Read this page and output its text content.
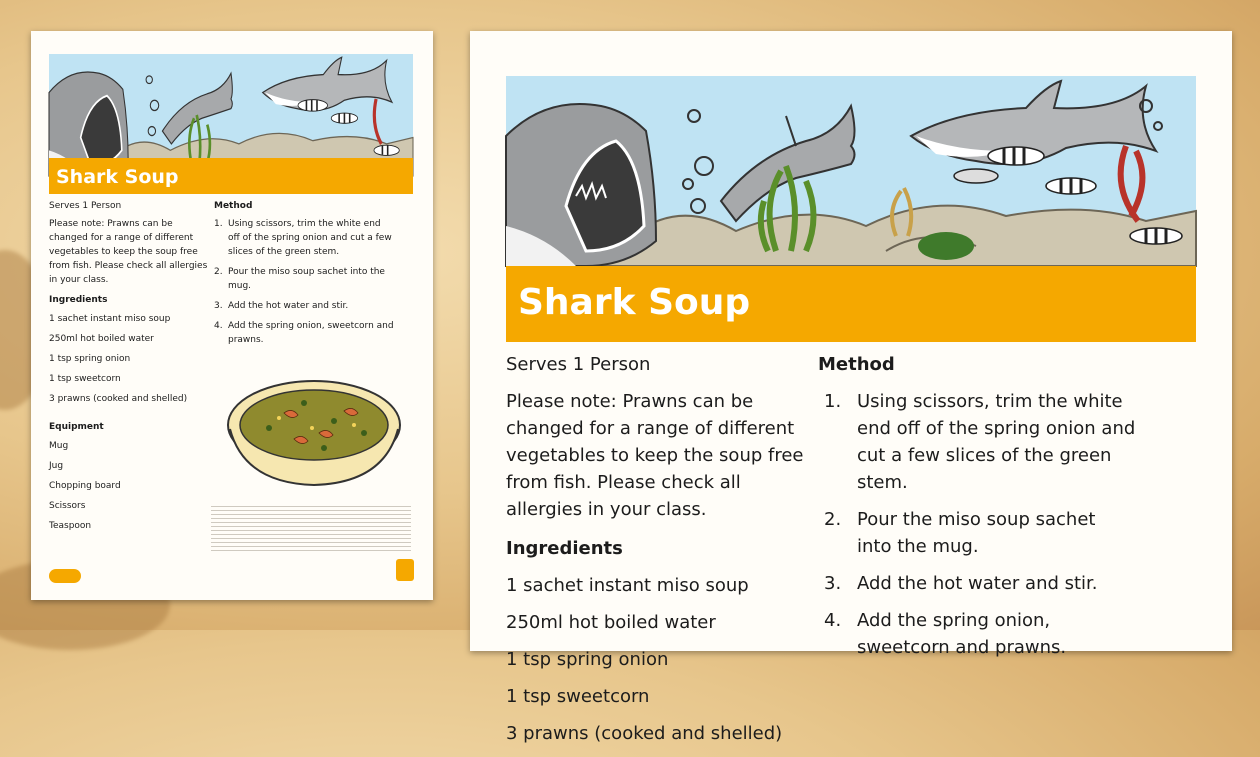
Shark Soup
Serves 1 Person
Please note: Prawns can be changed for a range of different vegetables to keep the soup free from fish. Please check all allergies in your class.
Ingredients
1 sachet instant miso soup
250ml hot boiled water
1 tsp spring onion
1 tsp sweetcorn
3 prawns (cooked and shelled)
Equipment
Mug
Jug
Chopping board
Scissors
Teaspoon
Method
1. Using scissors, trim the white end off of the spring onion and cut a few slices of the green stem.
2. Pour the miso soup sachet into the mug.
3. Add the hot water and stir.
4. Add the spring onion, sweetcorn and prawns.
Shark Soup
Serves 1 Person
Please note: Prawns can be changed for a range of different vegetables to keep the soup free from fish. Please check all allergies in your class.
Ingredients
1 sachet instant miso soup
250ml hot boiled water
1 tsp spring onion
1 tsp sweetcorn
3 prawns (cooked and shelled)
Method
1. Using scissors, trim the white end off of the spring onion and cut a few slices of the green stem.
2. Pour the miso soup sachet into the mug.
3. Add the hot water and stir.
4. Add the spring onion, sweetcorn and prawns.
